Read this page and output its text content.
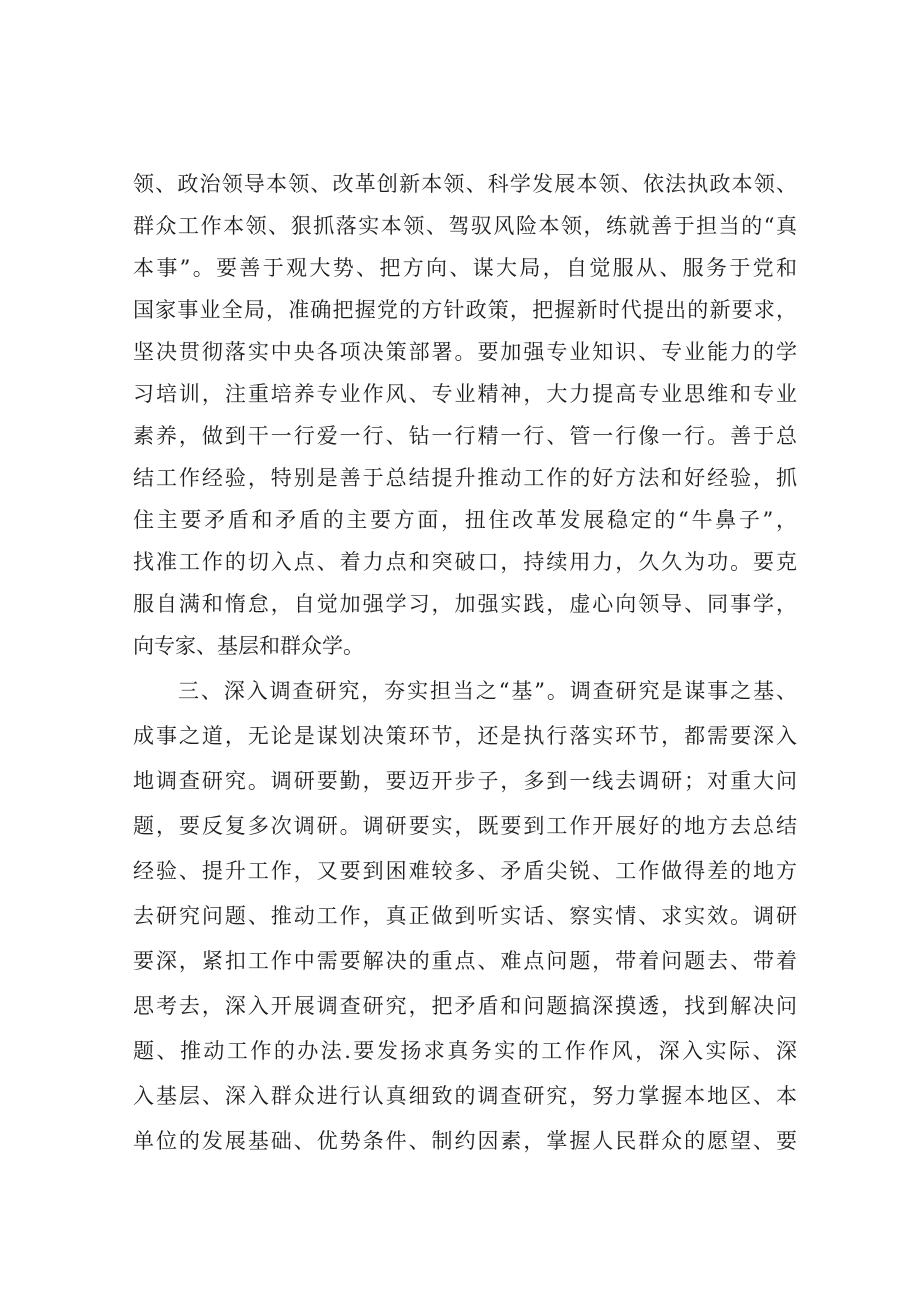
领、政治领导本领、改革创新本领、科学发展本领、依法执政本领、
群众工作本领、狠抓落实本领、驾驭风险本领，练就善于担当的“真
本事”。要善于观大势、把方向、谋大局，自觉服从、服务于党和
国家事业全局，准确把握党的方针政策，把握新时代提出的新要求，
坚决贯彻落实中央各项决策部署。要加强专业知识、专业能力的学
习培训，注重培养专业作风、专业精神，大力提高专业思维和专业
素养，做到干一行爱一行、钻一行精一行、管一行像一行。善于总
结工作经验，特别是善于总结提升推动工作的好方法和好经验，抓
住主要矛盾和矛盾的主要方面，扭住改革发展稳定的“牛鼻子”，
找准工作的切入点、着力点和突破口，持续用力，久久为功。要克
服自满和惰怠，自觉加强学习，加强实践，虚心向领导、同事学，
向专家、基层和群众学。
三、深入调查研究，夯实担当之“基”。调查研究是谋事之基、
成事之道，无论是谋划决策环节，还是执行落实环节，都需要深入
地调查研究。调研要勤，要迈开步子，多到一线去调研；对重大问
题，要反复多次调研。调研要实，既要到工作开展好的地方去总结
经验、提升工作，又要到困难较多、矛盾尖锐、工作做得差的地方
去研究问题、推动工作，真正做到听实话、察实情、求实效。调研
要深，紧扣工作中需要解决的重点、难点问题，带着问题去、带着
思考去，深入开展调查研究，把矛盾和问题搞深摸透，找到解决问
题、推动工作的办法.要发扬求真务实的工作作风，深入实际、深
入基层、深入群众进行认真细致的调查研究，努力掌握本地区、本
单位的发展基础、优势条件、制约因素，掌握人民群众的愿望、要
